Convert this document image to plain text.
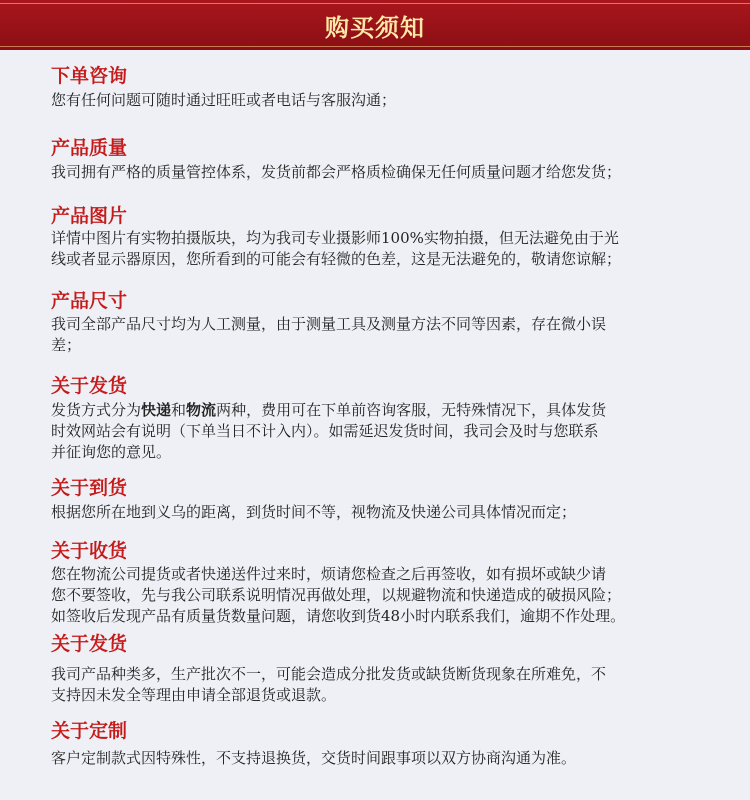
购买须知
下单咨询
您有任何问题可随时通过旺旺或者电话与客服沟通；
产品质量
我司拥有严格的质量管控体系，发货前都会严格质检确保无任何质量问题才给您发货；
产品图片
详情中图片有实物拍摄版块，均为我司专业摄影师100%实物拍摄，但无法避免由于光
线或者显示器原因，您所看到的可能会有轻微的色差，这是无法避免的，敬请您谅解；
产品尺寸
我司全部产品尺寸均为人工测量，由于测量工具及测量方法不同等因素，存在微小误
差；
关于发货
发货方式分为快递和物流两种，费用可在下单前咨询客服，无特殊情况下，具体发货
时效网站会有说明（下单当日不计入内）。如需延迟发货时间，我司会及时与您联系
并征询您的意见。
关于到货
根据您所在地到义乌的距离，到货时间不等，视物流及快递公司具体情况而定；
关于收货
您在物流公司提货或者快递送件过来时，烦请您检查之后再签收，如有损坏或缺少请
您不要签收，先与我公司联系说明情况再做处理，以规避物流和快递造成的破损风险；
如签收后发现产品有质量货数量问题，请您收到货48小时内联系我们，逾期不作处理。
关于发货
我司产品种类多，生产批次不一，可能会造成分批发货或缺货断货现象在所难免，不
支持因未发全等理由申请全部退货或退款。
关于定制
客户定制款式因特殊性，不支持退换货，交货时间跟事项以双方协商沟通为准。
